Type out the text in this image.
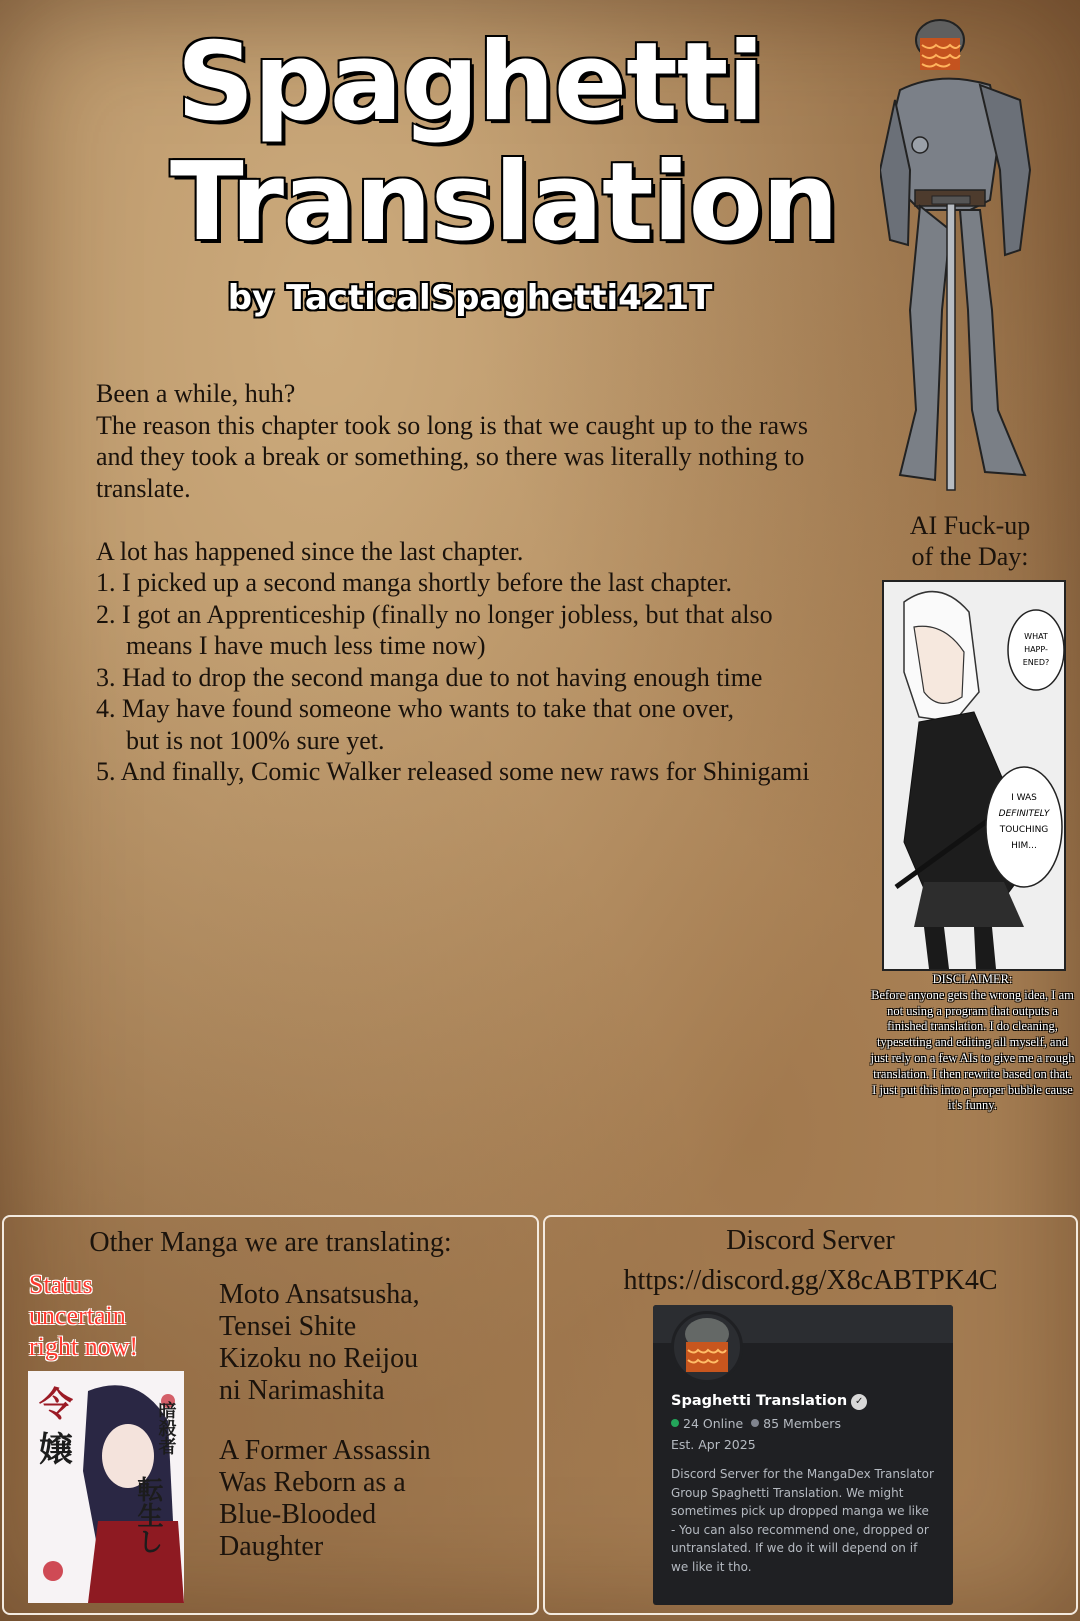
Spaghetti
Translation
by TacticalSpaghetti421T

Been a while, huh?

The reason this chapter took so long is that we caught up to the raws and they took a break or something, so there was literally nothing to translate.

A lot has happened since the last chapter.

1. I picked up a second manga shortly before the last chapter.
2. I got an Apprenticeship (finally no longer jobless, but that also means I have much less time now)
3. Had to drop the second manga due to not having enough time
4. May have found someone who wants to take that one over,
but is not 100% sure yet.
5. And finally, Comic Walker released some new raws for Shinigami
AI Fuck-up
of the Day:
WHAT
HAPP-
ENED?
I WAS
DEFINITELY
TOUCHING
HIM...
DISCLAIMER:
Before anyone gets the wrong idea, I am not using a program that outputs a finished translation. I do cleaning, typesetting and editing all myself, and just rely on a few AIs to give me a rough translation. I then rewrite based on that.
I just put this into a proper bubble cause it's funny.
Other Manga we are translating:
Status
uncertain
right now!
令
嬢	暗殺者
転生し
Moto Ansatsusha,
Tensei Shite
Kizoku no Reijou
ni Narimashita
A Former Assassin
Was Reborn as a
Blue-Blooded
Daughter
Discord Server
https://discord.gg/X8cABTPK4C
Spaghetti Translation ✓
24 Online 85 Members
Est. Apr 2025
Discord Server for the MangaDex Translator Group Spaghetti Translation. We might sometimes pick up dropped manga we like - You can also recommend one, dropped or untranslated. If we do it will depend on if we like it tho.
